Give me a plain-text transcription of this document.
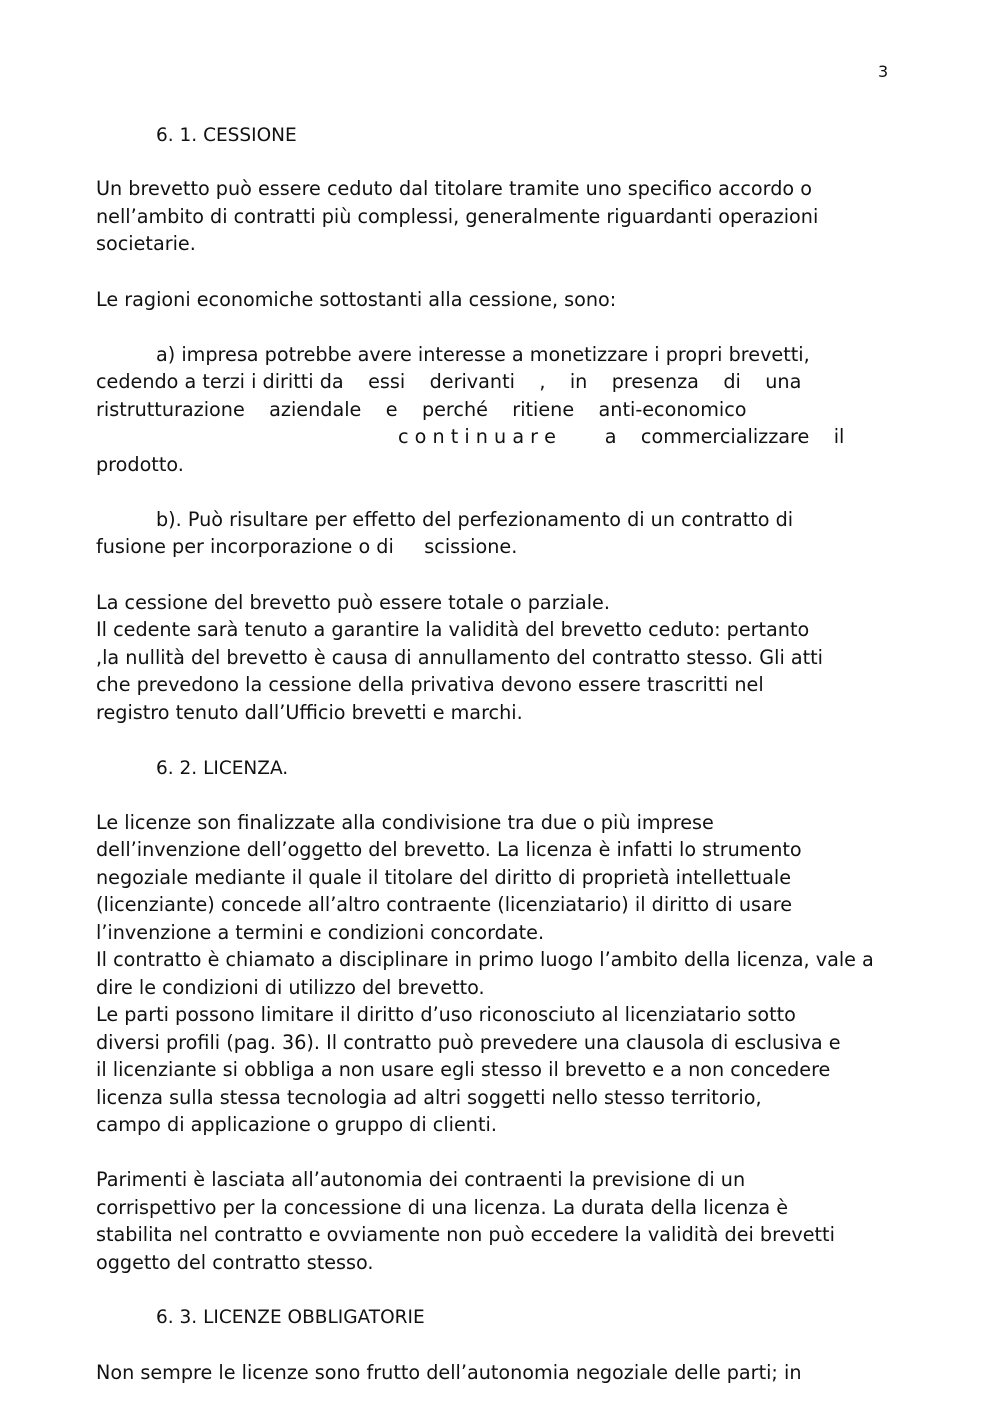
3
6. 1. CESSIONE
Un brevetto può essere ceduto dal titolare tramite uno specifico accordo o
nell’ambito di contratti più complessi, generalmente riguardanti operazioni
societarie.
Le ragioni economiche sottostanti alla cessione, sono:
a) impresa potrebbe avere interesse a monetizzare i propri brevetti,
cedendo a terzi i diritti da    essi    derivanti    ,    in    presenza    di    una
ristrutturazione    aziendale    e    perché    ritiene    anti-economico
c o n t i n u a r e        a    commercializzare    il
prodotto.
b). Può risultare per effetto del perfezionamento di un contratto di
fusione per incorporazione o di     scissione.
La cessione del brevetto può essere totale o parziale.
Il cedente sarà tenuto a garantire la validità del brevetto ceduto: pertanto
,la nullità del brevetto è causa di annullamento del contratto stesso. Gli atti
che prevedono la cessione della privativa devono essere trascritti nel
registro tenuto dall’Ufficio brevetti e marchi.
6. 2. LICENZA.
Le licenze son finalizzate alla condivisione tra due o più imprese
dell’invenzione dell’oggetto del brevetto. La licenza è infatti lo strumento
negoziale mediante il quale il titolare del diritto di proprietà intellettuale
(licenziante) concede all’altro contraente (licenziatario) il diritto di usare
l’invenzione a termini e condizioni concordate.
Il contratto è chiamato a disciplinare in primo luogo l’ambito della licenza, vale a
dire le condizioni di utilizzo del brevetto.
Le parti possono limitare il diritto d’uso riconosciuto al licenziatario sotto
diversi profili (pag. 36). Il contratto può prevedere una clausola di esclusiva e
il licenziante si obbliga a non usare egli stesso il brevetto e a non concedere
licenza sulla stessa tecnologia ad altri soggetti nello stesso territorio,
campo di applicazione o gruppo di clienti.
Parimenti è lasciata all’autonomia dei contraenti la previsione di un
corrispettivo per la concessione di una licenza. La durata della licenza è
stabilita nel contratto e ovviamente non può eccedere la validità dei brevetti
oggetto del contratto stesso.
6. 3. LICENZE OBBLIGATORIE
Non sempre le licenze sono frutto dell’autonomia negoziale delle parti; in
